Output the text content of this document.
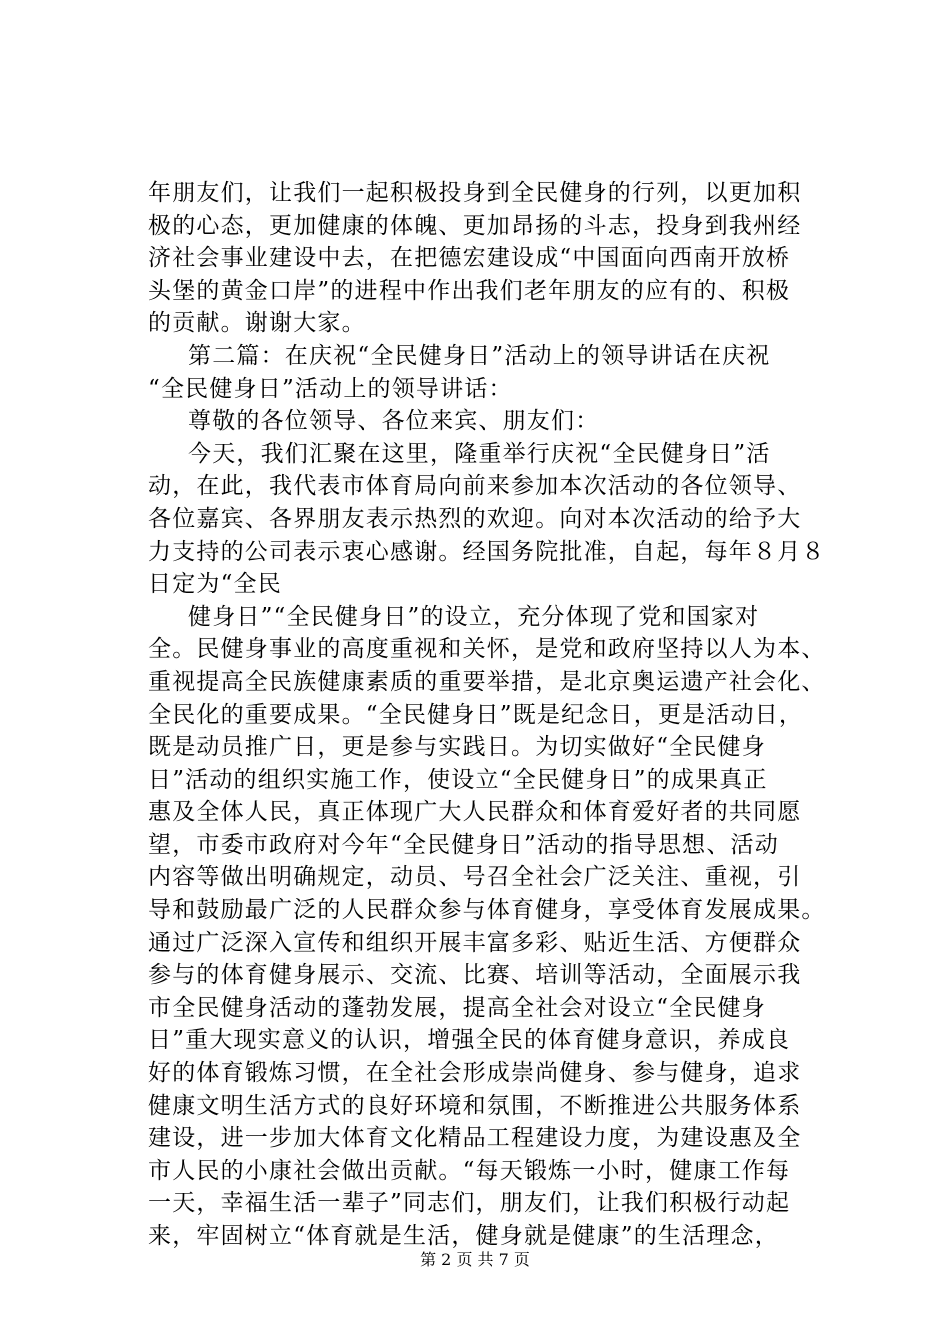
年朋友们，让我们一起积极投身到全民健身的行列，以更加积
极的心态，更加健康的体魄、更加昂扬的斗志，投身到我州经
济社会事业建设中去，在把德宏建设成“中国面向西南开放桥
头堡的黄金口岸”的进程中作出我们老年朋友的应有的、积极
的贡献。谢谢大家。
第二篇：在庆祝“全民健身日”活动上的领导讲话在庆祝
“全民健身日”活动上的领导讲话：
尊敬的各位领导、各位来宾、朋友们：
今天，我们汇聚在这里，隆重举行庆祝“全民健身日”活
动，在此，我代表市体育局向前来参加本次活动的各位领导、
各位嘉宾、各界朋友表示热烈的欢迎。向对本次活动的给予大
力支持的公司表示衷心感谢。经国务院批准，自起，每年８月８
日定为“全民
健身日”“全民健身日”的设立，充分体现了党和国家对
全。民健身事业的高度重视和关怀，是党和政府坚持以人为本、
重视提高全民族健康素质的重要举措，是北京奥运遗产社会化、
全民化的重要成果。“全民健身日”既是纪念日，更是活动日，
既是动员推广日，更是参与实践日。为切实做好“全民健身
日”活动的组织实施工作，使设立“全民健身日”的成果真正
惠及全体人民，真正体现广大人民群众和体育爱好者的共同愿
望，市委市政府对今年“全民健身日”活动的指导思想、活动
内容等做出明确规定，动员、号召全社会广泛关注、重视，引
导和鼓励最广泛的人民群众参与体育健身，享受体育发展成果。
通过广泛深入宣传和组织开展丰富多彩、贴近生活、方便群众
参与的体育健身展示、交流、比赛、培训等活动，全面展示我
市全民健身活动的蓬勃发展，提高全社会对设立“全民健身
日”重大现实意义的认识，增强全民的体育健身意识，养成良
好的体育锻炼习惯，在全社会形成崇尚健身、参与健身，追求
健康文明生活方式的良好环境和氛围，不断推进公共服务体系
建设，进一步加大体育文化精品工程建设力度，为建设惠及全
市人民的小康社会做出贡献。“每天锻炼一小时，健康工作每
一天，幸福生活一辈子”同志们，朋友们，让我们积极行动起
来，牢固树立“体育就是生活，健身就是健康”的生活理念，
第 2 页 共 7 页
